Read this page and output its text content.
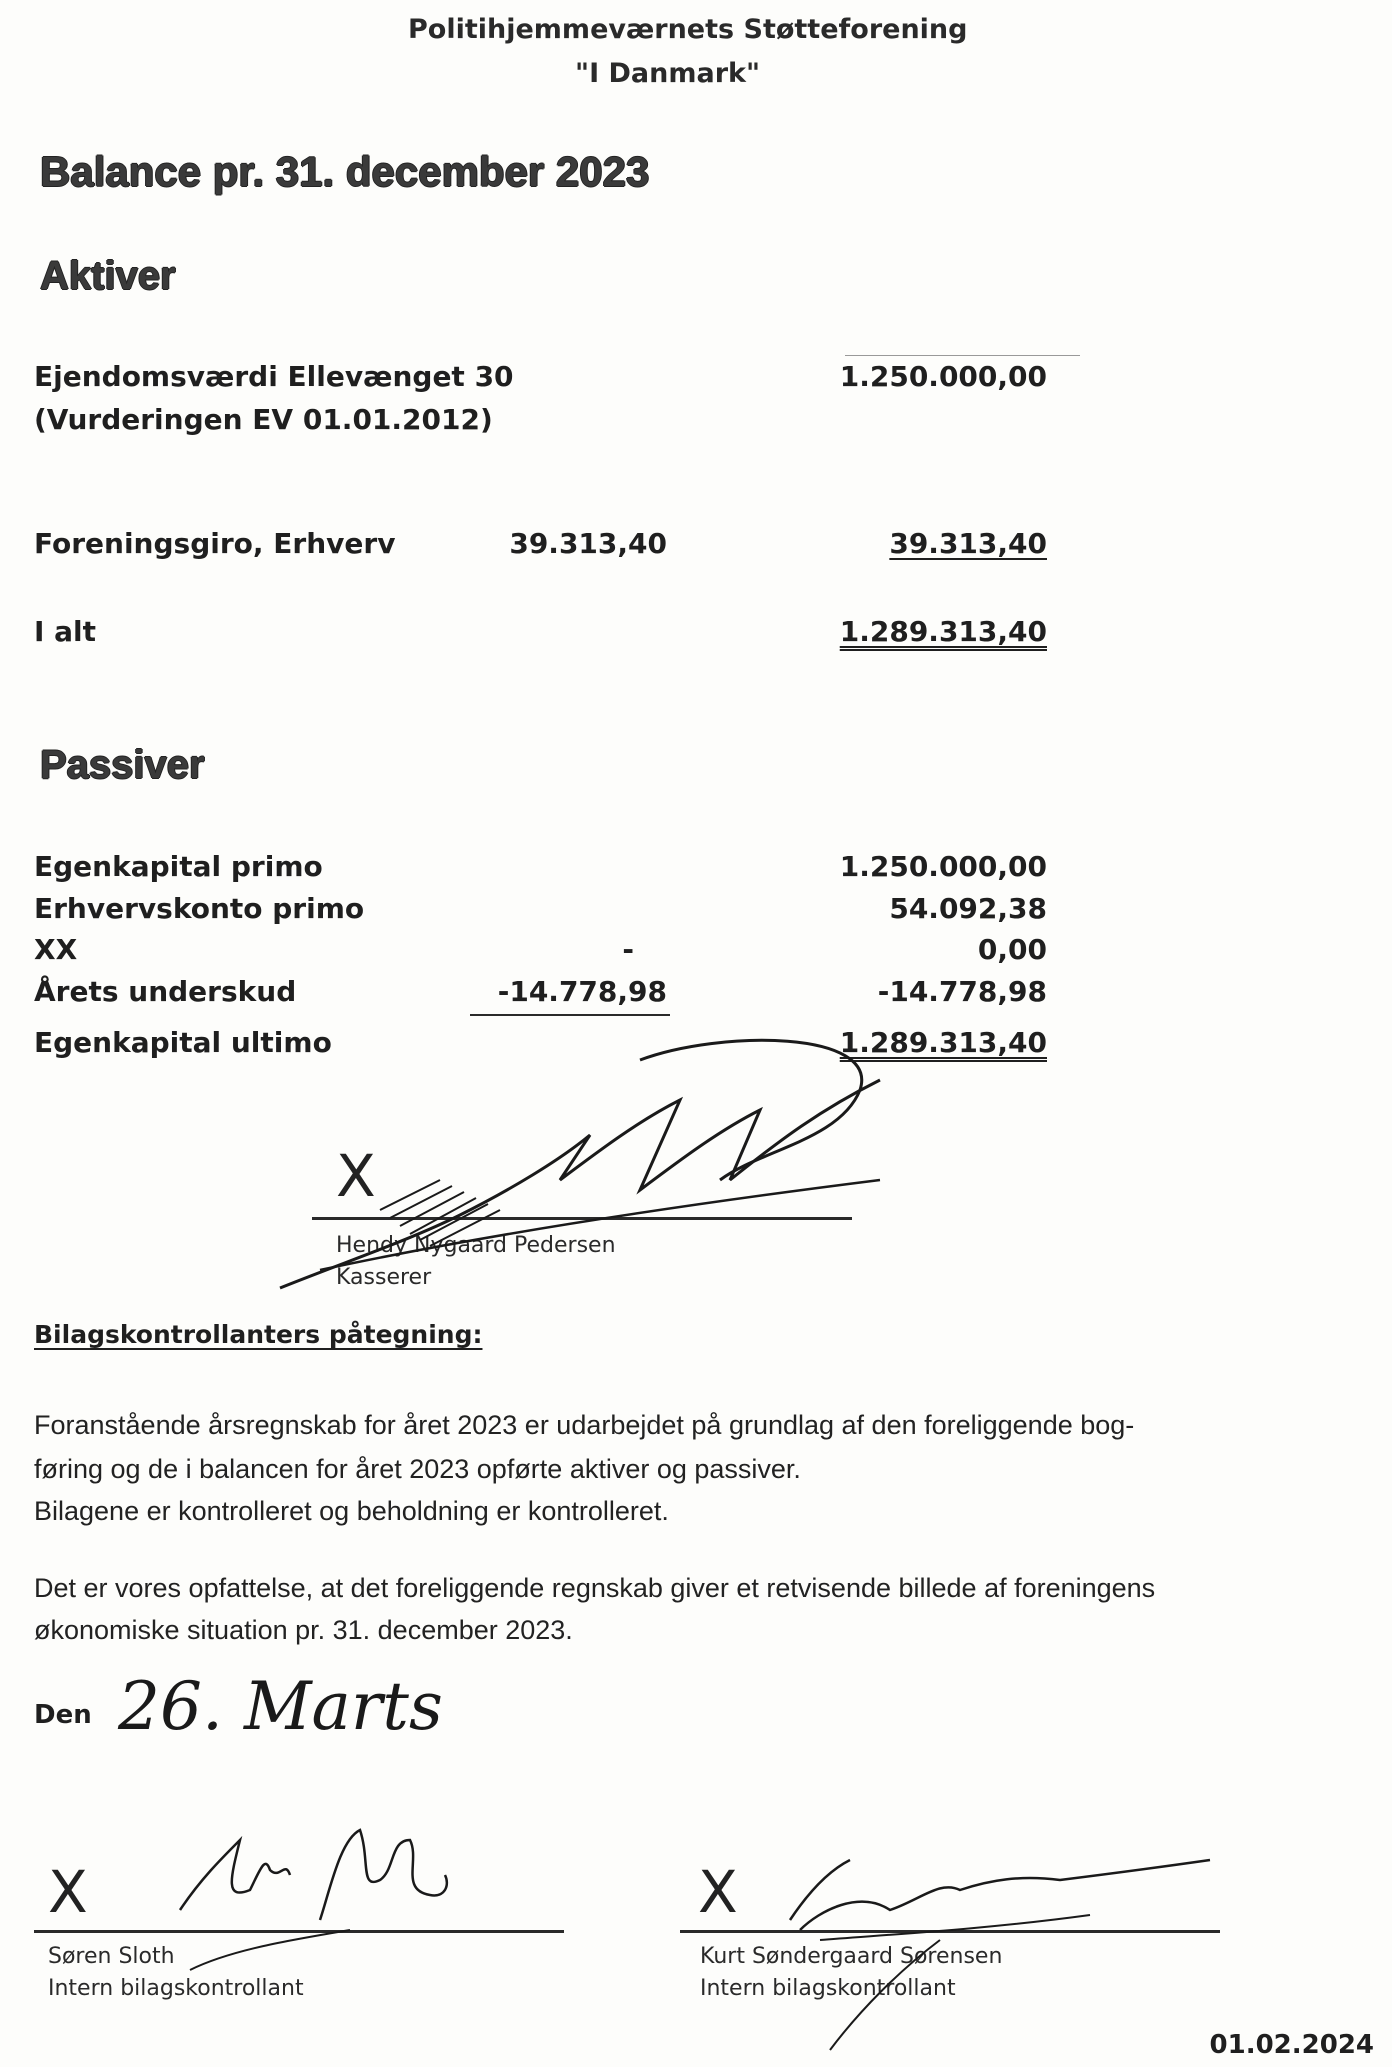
Politihjemmeværnets Støtteforening
"I Danmark"
Balance pr. 31. december 2023
Aktiver
Ejendomsværdi Ellevænget 30
(Vurderingen EV 01.01.2012)
1.250.000,00
Foreningsgiro, Erhverv	39.313,40	39.313,40
I alt	1.289.313,40
Passiver
Egenkapital primo	1.250.000,00
Erhvervskonto primo	54.092,38
XX	-	0,00
Årets underskud	-14.778,98	-14.778,98
Egenkapital ultimo	1.289.313,40
X
Hendy Nygaard Pedersen
Kasserer
Bilagskontrollanters påtegning:
Foranstående årsregnskab for året 2023 er udarbejdet på grundlag af den foreliggende bog-
føring og de i balancen for året 2023 opførte aktiver og passiver.
Bilagene er kontrolleret og beholdning er kontrolleret.
Det er vores opfattelse, at det foreliggende regnskab giver et retvisende billede af foreningens
økonomiske situation pr. 31. december 2023.
Den 26. Marts
X
Søren Sloth
Intern bilagskontrollant
X
Kurt Søndergaard Sørensen
Intern bilagskontrollant
01.02.2024
